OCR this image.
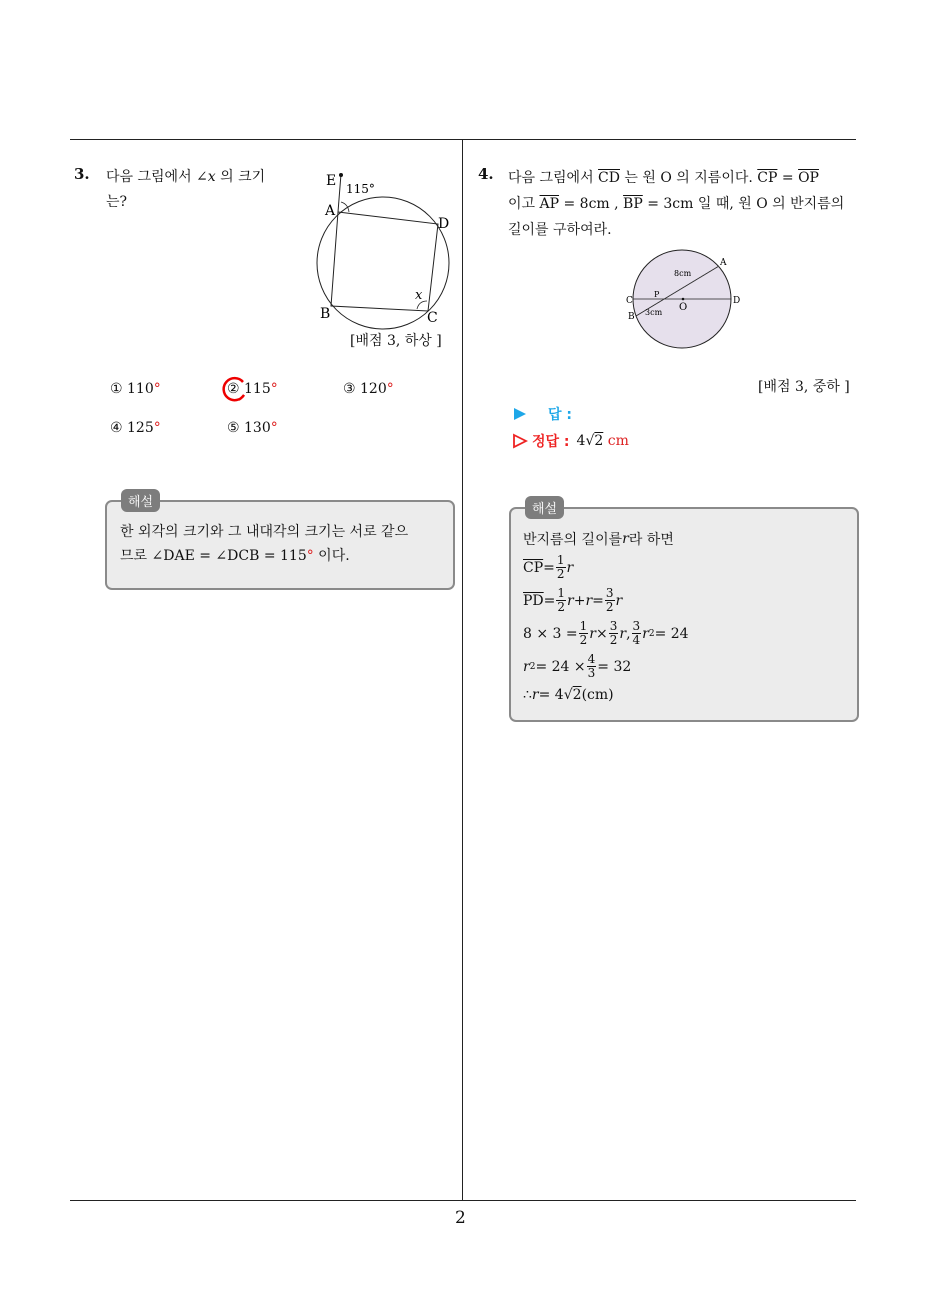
2
3.	다음 그림에서 ∠x 의 크기
는?
E 115°
A
D
B	C
x
[배점 3, 하상 ]
① 110°	② 115°	③ 120°
④ 125°	⑤ 130°
해설
한 외각의 크기와 그 내대각의 크기는 서로 같으
므로 ∠DAE = ∠DCB = 115° 이다.
4.	다음 그림에서 $\overline{CD}$ 는 원 O 의 지름이다. $\overline{CP} = \overline{OP}$
이고 $\overline{AP} = 8cm$ , $\overline{BP} = 3cm$ 일 때, 원 O 의 반지름의
길이를 구하여라.
A
C	D
B
P
O
8cm
3cm
[배점 3, 중하 ]
답 :
정답 : 4√2 cm
해설
반지름의 길이를 r 라 하면
$\overline{CP} = \frac{1}{2}$ r
$\overline{PD} = \frac{1}{2}$ $r + r = \frac{3}{2}$ r
$8 \times 3 = \frac{1}{2}$ $r \times \frac{3}{2}$ r , $\frac{3}{4}$ r 2 = 24
r $2 = 24 \times \frac{4}{3} = 32$
∴ r = 4 √ 2 (cm)
